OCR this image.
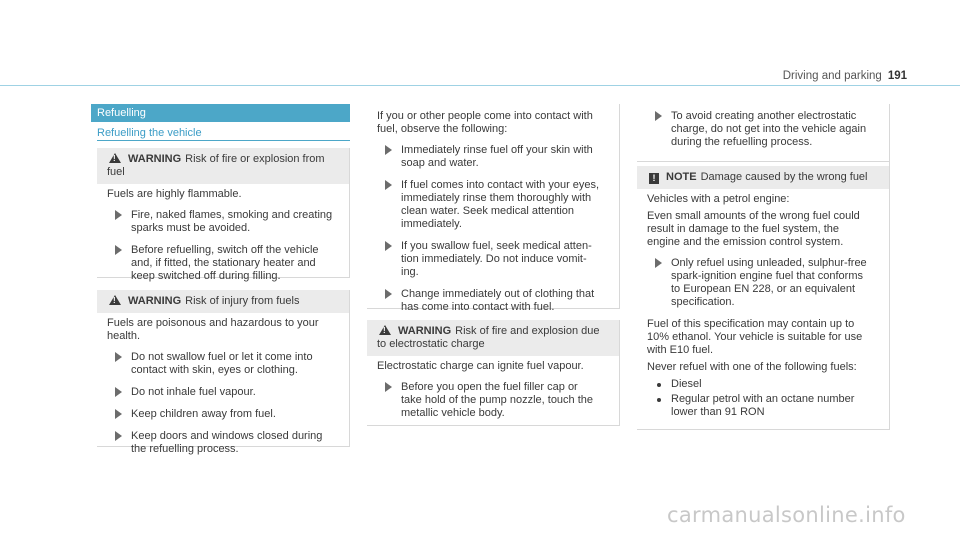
Driving and parking 191
Refuelling
Refuelling the vehicle
!WARNING Risk of fire or explosion from
fuel
Fuels are highly flammable.
Fire, naked flames, smoking and creating
sparks must be avoided.
Before refuelling, switch off the vehicle
and, if fitted, the stationary heater and
keep switched off during filling.
!WARNING Risk of injury from fuels
Fuels are poisonous and hazardous to your
health.
Do not swallow fuel or let it come into
contact with skin, eyes or clothing.
Do not inhale fuel vapour.
Keep children away from fuel.
Keep doors and windows closed during
the refuelling process.
If you or other people come into contact with
fuel, observe the following:
Immediately rinse fuel off your skin with
soap and water.
If fuel comes into contact with your eyes,
immediately rinse them thoroughly with
clean water. Seek medical attention
immediately.
If you swallow fuel, seek medical atten-
tion immediately. Do not induce vomit-
ing.
Change immediately out of clothing that
has come into contact with fuel.
!WARNING Risk of fire and explosion due
to electrostatic charge
Electrostatic charge can ignite fuel vapour.
Before you open the fuel filler cap or
take hold of the pump nozzle, touch the
metallic vehicle body.
To avoid creating another electrostatic
charge, do not get into the vehicle again
during the refuelling process.
! NOTE Damage caused by the wrong fuel
Vehicles with a petrol engine:
Even small amounts of the wrong fuel could
result in damage to the fuel system, the
engine and the emission control system.
Only refuel using unleaded, sulphur-free
spark-ignition engine fuel that conforms
to European EN 228, or an equivalent
specification.
Fuel of this specification may contain up to
10% ethanol. Your vehicle is suitable for use
with E10 fuel.
Never refuel with one of the following fuels:
Diesel
Regular petrol with an octane number
lower than 91 RON
carmanualsonline.info
